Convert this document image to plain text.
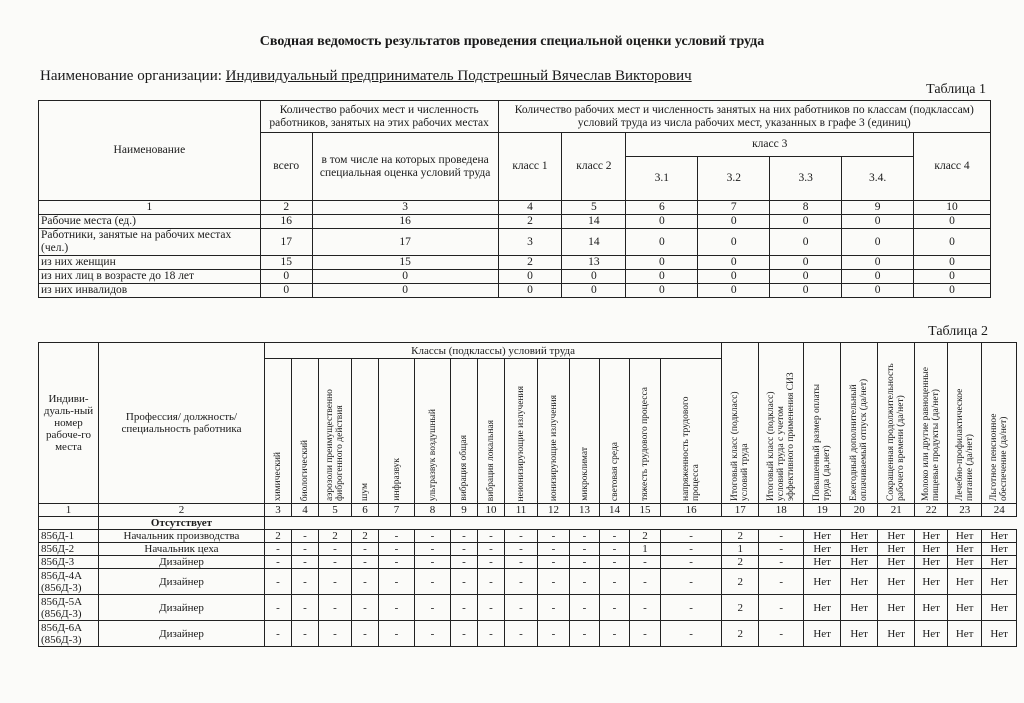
Сводная ведомость результатов проведения специальной оценки условий труда
Наименование организации: Индивидуальный предприниматель Подстрешный Вячеслав Викторович
Таблица 1
Наименование	Количество рабочих мест и численность работников, занятых на этих рабочих местах		Количество рабочих мест и численность занятых на них работников по классам (подклассам) условий труда из числа рабочих мест, указанных в графе 3 (единиц)						
	всего	в том числе на которых проведена специальная оценка условий труда	класс 1	класс 2	класс 3				класс 4
					3.1	3.2	3.3	3.4.	
1	2	3	4	5	6	7	8	9	10
Рабочие места (ед.)	16	16	2	14	0	0	0	0	0
Работники, занятые на рабочих местах (чел.)	17	17	3	14	0	0	0	0	0
из них женщин	15	15	2	13	0	0	0	0	0
из них лиц в возрасте до 18 лет	0	0	0	0	0	0	0	0	0
из них инвалидов	0	0	0	0	0	0	0	0	0
Таблица 2
Индиви-дуаль-ный номер рабоче-го места	Профессия/ должность/ специальность работника	Классы (подклассы) условий труда														Итоговый класс (подкласс) условий труда	Итоговый класс (подкласс) условий труда с учетом эффективного применения СИЗ	Повышенный размер оплаты труда (да,нет)	Ежегодный дополнительный оплачиваемый отпуск (да/нет)	Сокращенная продолжительность рабочего времени (да/нет)	Молоко или другие равноценные пищевые продукты (да/нет)	Лечебно-профилактическое питание (да/нет)	Льготное пенсионное обеспечение (да/нет)

		химический	биологический	аэрозоли преимущественно фиброгенного действия	шум	инфразвук	ультразвук воздушный	вибрация общая	вибрация локальная	неионизирующие излучения	ионизирующие излучения	микроклимат	световая среда	тяжесть трудового процесса	напряженность трудового процесса								

1	2	3	4	5	6	7	8	9	10	11	12	13	14	15	16	17	18	19	20	21	22	23	24
	Отсутствует																						
856Д-1	Начальник производства	2	-	2	2	-	-	-	-	-	-	-	-	2	-	2	-	Нет	Нет	Нет	Нет	Нет	Нет
856Д-2	Начальник цеха	-	-	-	-	-	-	-	-	-	-	-	-	1	-	1	-	Нет	Нет	Нет	Нет	Нет	Нет
856Д-3	Дизайнер	-	-	-	-	-	-	-	-	-	-	-	-	-	-	2	-	Нет	Нет	Нет	Нет	Нет	Нет
856Д-4А (856Д-3)	Дизайнер	-	-	-	-	-	-	-	-	-	-	-	-	-	-	2	-	Нет	Нет	Нет	Нет	Нет	Нет
856Д-5А (856Д-3)	Дизайнер	-	-	-	-	-	-	-	-	-	-	-	-	-	-	2	-	Нет	Нет	Нет	Нет	Нет	Нет
856Д-6А (856Д-3)	Дизайнер	-	-	-	-	-	-	-	-	-	-	-	-	-	-	2	-	Нет	Нет	Нет	Нет	Нет	Нет
